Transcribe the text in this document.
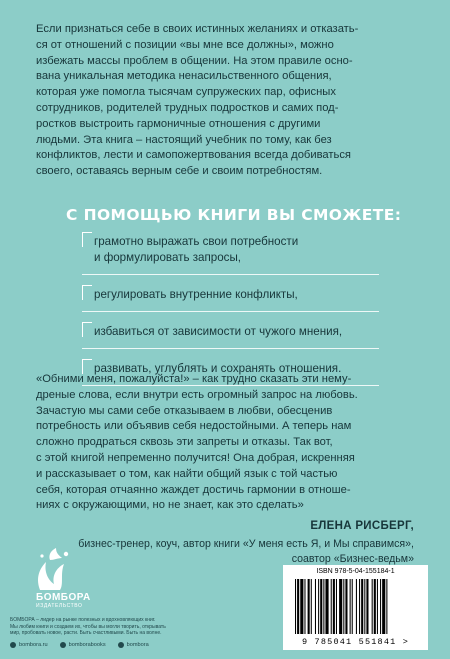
Если признаться себе в своих истинных желаниях и отказать-
ся от отношений с позиции «вы мне все должны», можно
избежать массы проблем в общении. На этом правиле осно-
вана уникальная методика ненасильственного общения,
которая уже помогла тысячам супружеских пар, офисных
сотрудников, родителей трудных подростков и самих под-
ростков выстроить гармоничные отношения с другими
людьми. Эта книга – настоящий учебник по тому, как без
конфликтов, лести и самопожертвования всегда добиваться
своего, оставаясь верным себе и своим потребностям.
С ПОМОЩЬЮ КНИГИ ВЫ СМОЖЕТЕ:
грамотно выражать свои потребности
и формулировать запросы,
регулировать внутренние конфликты,
избавиться от зависимости от чужого мнения,
развивать, углублять и сохранять отношения.
«Обними меня, пожалуйста!» – как трудно сказать эти нему-
дреные слова, если внутри есть огромный запрос на любовь.
Зачастую мы сами себе отказываем в любви, обесценив
потребность или объявив себя недостойными. А теперь нам
сложно продраться сквозь эти запреты и отказы. Так вот,
с этой книгой непременно получится! Она добрая, искренняя
и рассказывает о том, как найти общий язык с той частью
себя, которая отчаянно жаждет достичь гармонии в отноше-
ниях с окружающими, но не знает, как это сделать»
ЕЛЕНА РИСБЕРГ,
бизнес-тренер, коуч, автор книги «У меня есть Я, и Мы справимся»,
соавтор «Бизнес-ведьм»
БОМБОРА
ИЗДАТЕЛЬСТВО
БОМБОРА – лидер на рынке полезных и вдохновляющих книг.
Мы любим книги и создаем их, чтобы вы могли творить, открывать
мир, пробовать новое, расти. Быть счастливыми. Быть на волне.
bombora.ru	bomborabooks	bombora
ISBN 978-5-04-155184-1
9 785041 551841 >
